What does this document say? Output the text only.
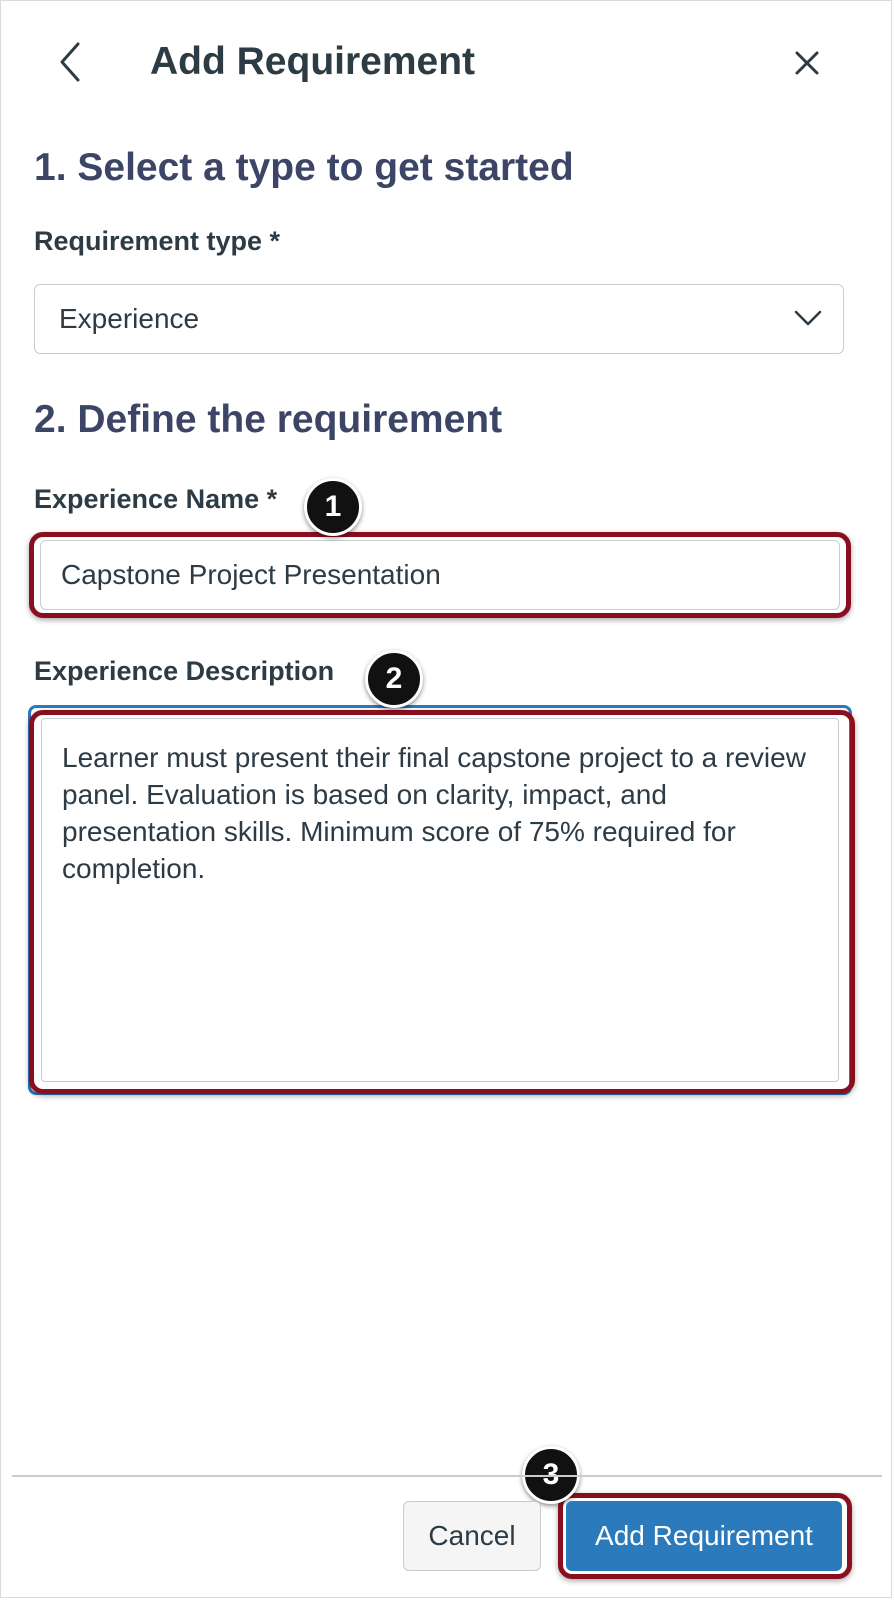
Add Requirement
1. Select a type to get started
Requirement type *
Experience
2. Define the requirement
Experience Name *
Capstone Project Presentation
Experience Description
Learner must present their final capstone project to a review panel. Evaluation is based on clarity, impact, and presentation skills. Minimum score of 75% required for completion.
1
2
Cancel	Add Requirement
